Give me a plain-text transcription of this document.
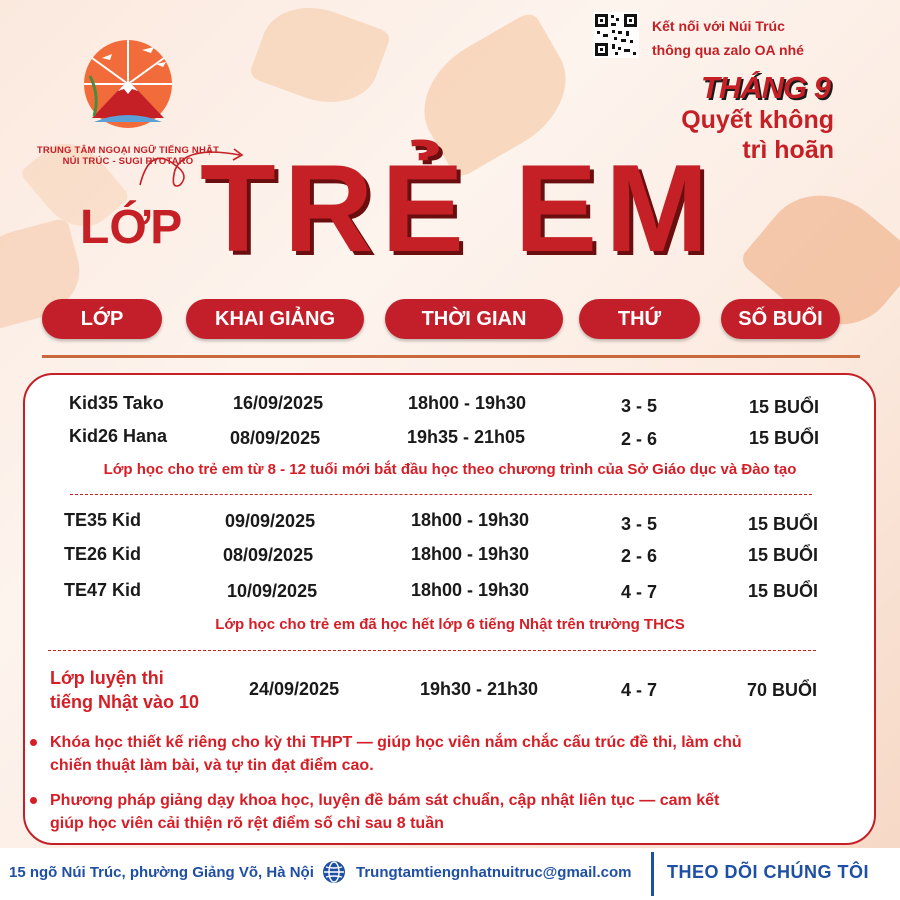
TRUNG TÂM NGOẠI NGỮ TIẾNG NHẬT
NÚI TRÚC - SUGI RYOTARO
Kết nối với Núi Trúc
thông qua zalo OA nhé
THÁNG 9
Quyết không
trì hoãn
LỚP TRẺ EM
LỚP	KHAI GIẢNG	THỜI GIAN	THỨ	SỐ BUỔI
Kid35 Tako	16/09/2025	18h00 - 19h30	3 - 5	15 BUỔI
Kid26 Hana	08/09/2025	19h35 - 21h05	2 - 6	15 BUỔI
Lớp học cho trẻ em từ 8 - 12 tuổi mới bắt đầu học theo chương trình của Sở Giáo dục và Đào tạo
TE35 Kid	09/09/2025	18h00 - 19h30	3 - 5	15 BUỔI
TE26 Kid	08/09/2025	18h00 - 19h30	2 - 6	15 BUỔI
TE47 Kid	10/09/2025	18h00 - 19h30	4 - 7	15 BUỔI
Lớp học cho trẻ em đã học hết lớp 6 tiếng Nhật trên trường THCS
Lớp luyện thi
tiếng Nhật vào 10
24/09/2025	19h30 - 21h30	4 - 7	70 BUỔI
Khóa học thiết kế riêng cho kỳ thi THPT — giúp học viên nắm chắc cấu trúc đề thi, làm chủ
chiến thuật làm bài, và tự tin đạt điểm cao.
Phương pháp giảng dạy khoa học, luyện đề bám sát chuẩn, cập nhật liên tục — cam kết
giúp học viên cải thiện rõ rệt điểm số chỉ sau 8 tuần
15 ngõ Núi Trúc, phường Giảng Võ, Hà Nội	Trungtamtiengnhatnuitruc@gmail.com THEO DÕI CHÚNG TÔI
